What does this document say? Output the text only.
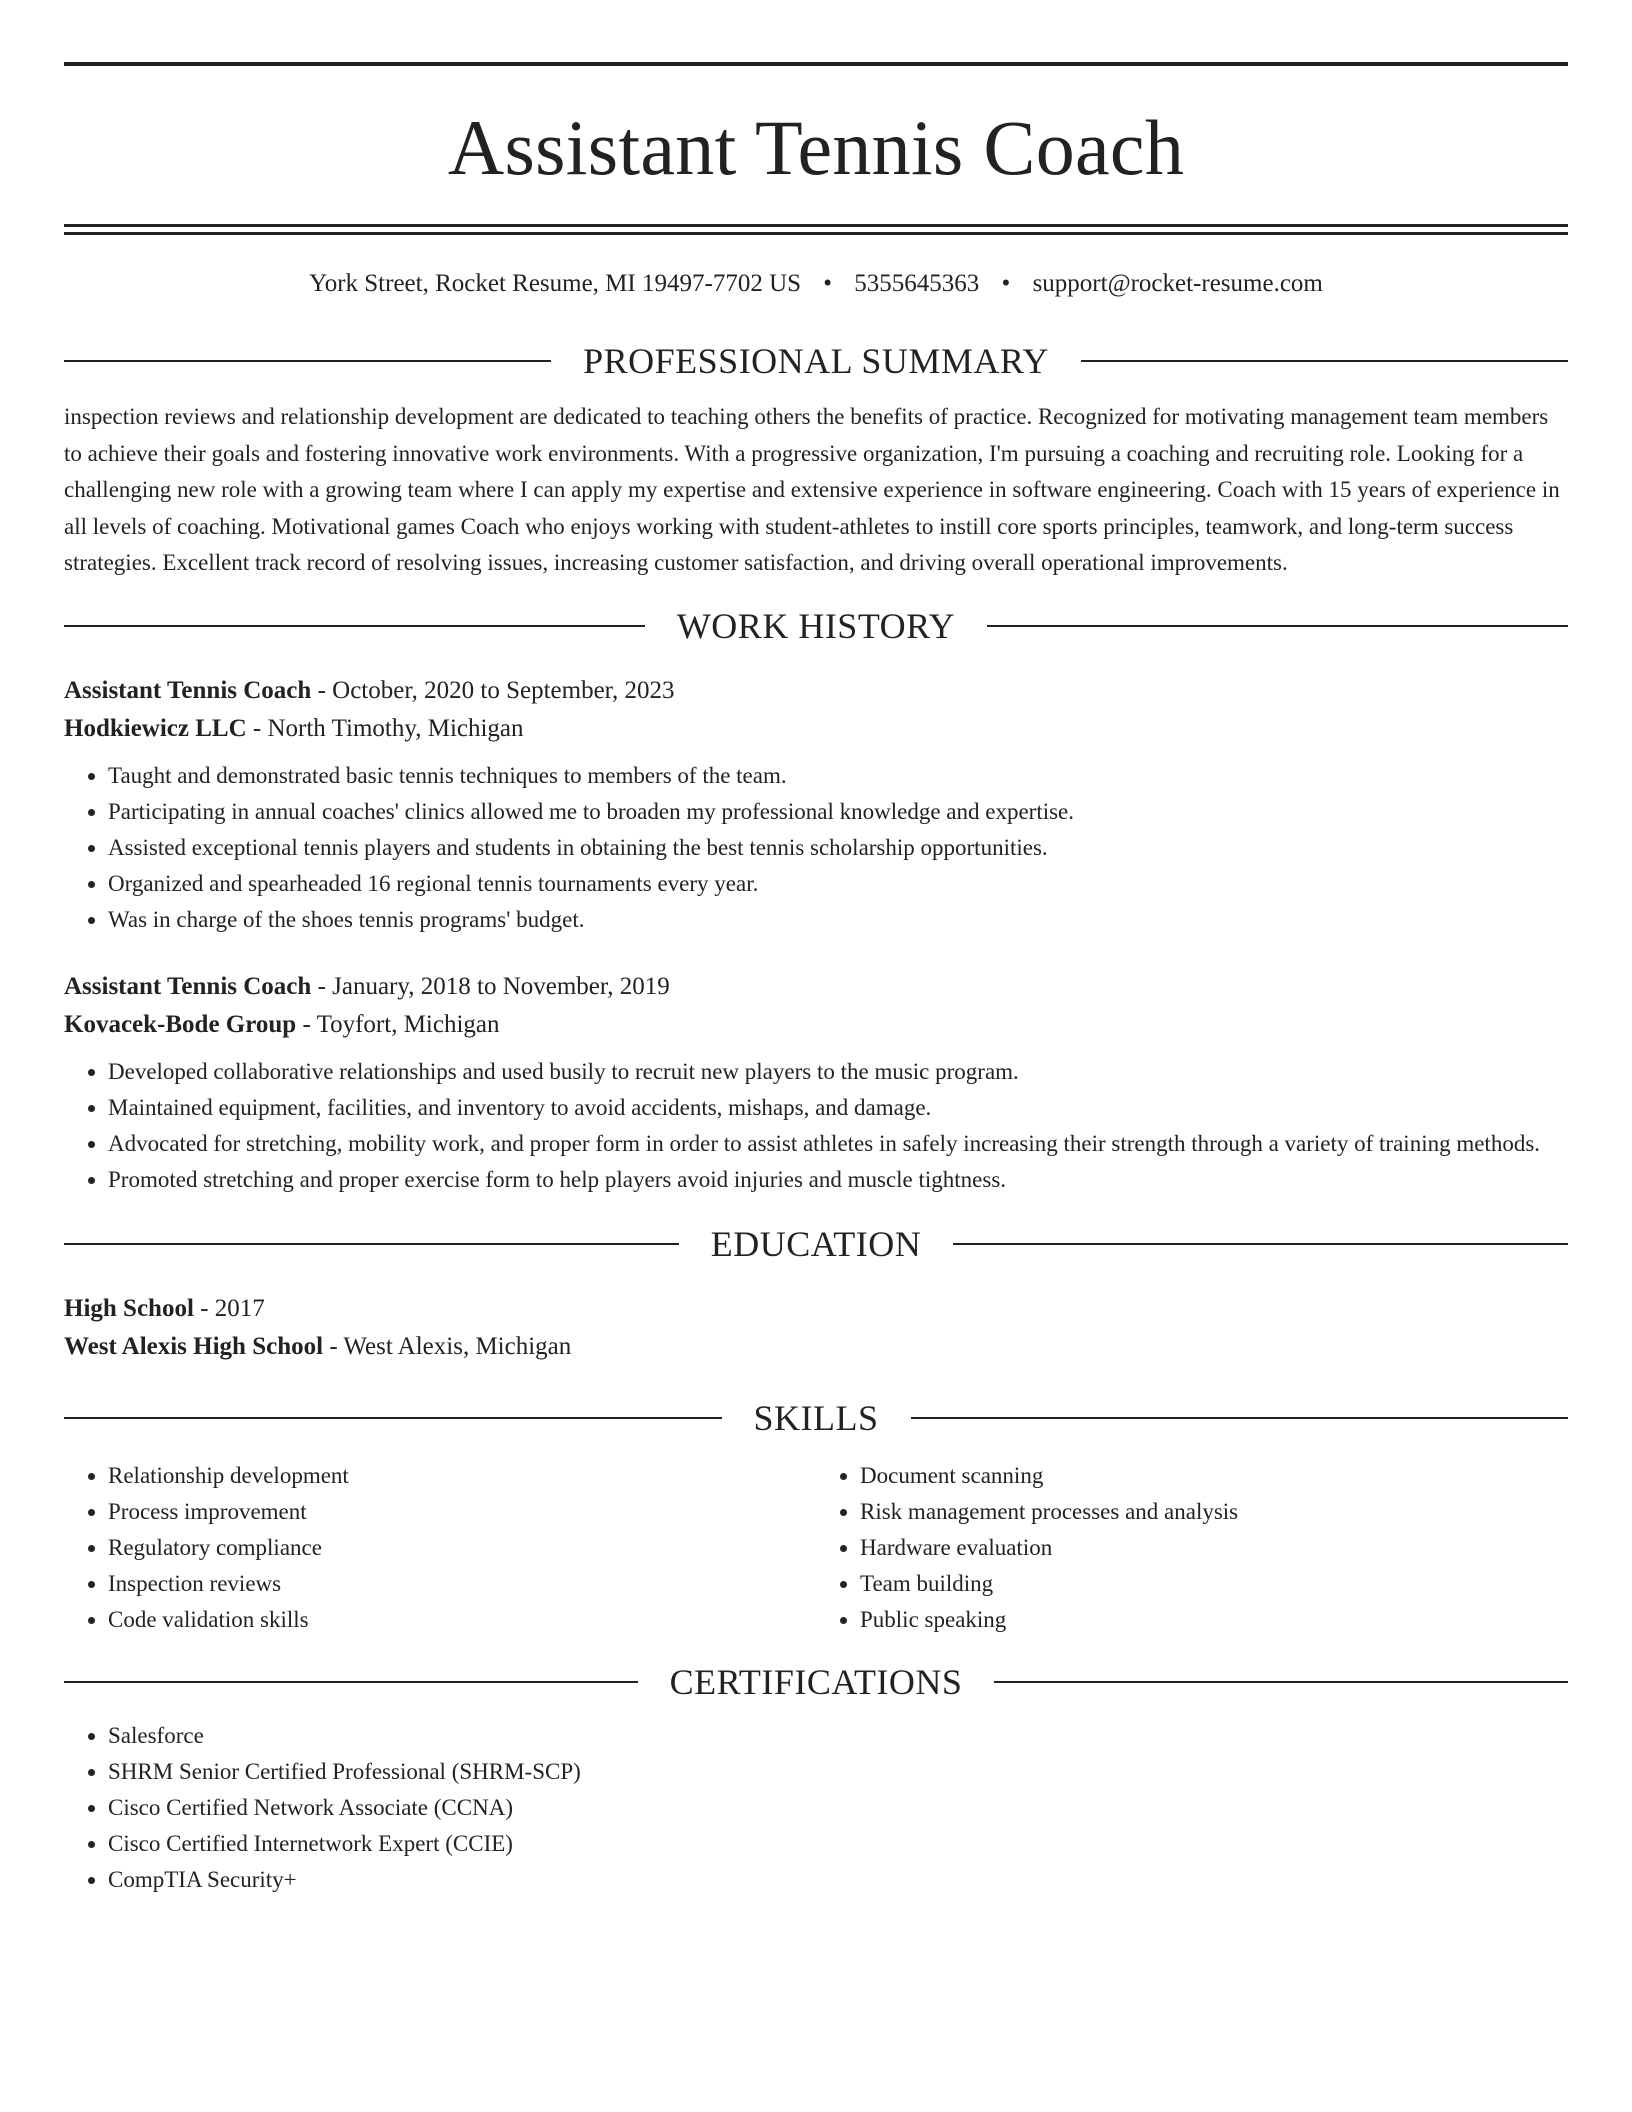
Assistant Tennis Coach
York Street, Rocket Resume, MI 19497-7702 US • 5355645363 • support@rocket-resume.com
PROFESSIONAL SUMMARY
inspection reviews and relationship development are dedicated to teaching others the benefits of practice. Recognized for motivating management team members to achieve their goals and fostering innovative work environments. With a progressive organization, I'm pursuing a coaching and recruiting role. Looking for a challenging new role with a growing team where I can apply my expertise and extensive experience in software engineering. Coach with 15 years of experience in all levels of coaching. Motivational games Coach who enjoys working with student-athletes to instill core sports principles, teamwork, and long-term success strategies. Excellent track record of resolving issues, increasing customer satisfaction, and driving overall operational improvements.
WORK HISTORY
Assistant Tennis Coach - October, 2020 to September, 2023
Hodkiewicz LLC - North Timothy, Michigan
• Taught and demonstrated basic tennis techniques to members of the team.
• Participating in annual coaches' clinics allowed me to broaden my professional knowledge and expertise.
• Assisted exceptional tennis players and students in obtaining the best tennis scholarship opportunities.
• Organized and spearheaded 16 regional tennis tournaments every year.
• Was in charge of the shoes tennis programs' budget.
Assistant Tennis Coach - January, 2018 to November, 2019
Kovacek-Bode Group - Toyfort, Michigan
• Developed collaborative relationships and used busily to recruit new players to the music program.
• Maintained equipment, facilities, and inventory to avoid accidents, mishaps, and damage.
• Advocated for stretching, mobility work, and proper form in order to assist athletes in safely increasing their strength through a variety of training methods.
• Promoted stretching and proper exercise form to help players avoid injuries and muscle tightness.
EDUCATION
High School - 2017
West Alexis High School - West Alexis, Michigan
SKILLS
• Relationship development
• Process improvement
• Regulatory compliance
• Inspection reviews
• Code validation skills
• Document scanning
• Risk management processes and analysis
• Hardware evaluation
• Team building
• Public speaking
CERTIFICATIONS
• Salesforce
• SHRM Senior Certified Professional (SHRM-SCP)
• Cisco Certified Network Associate (CCNA)
• Cisco Certified Internetwork Expert (CCIE)
• CompTIA Security+
